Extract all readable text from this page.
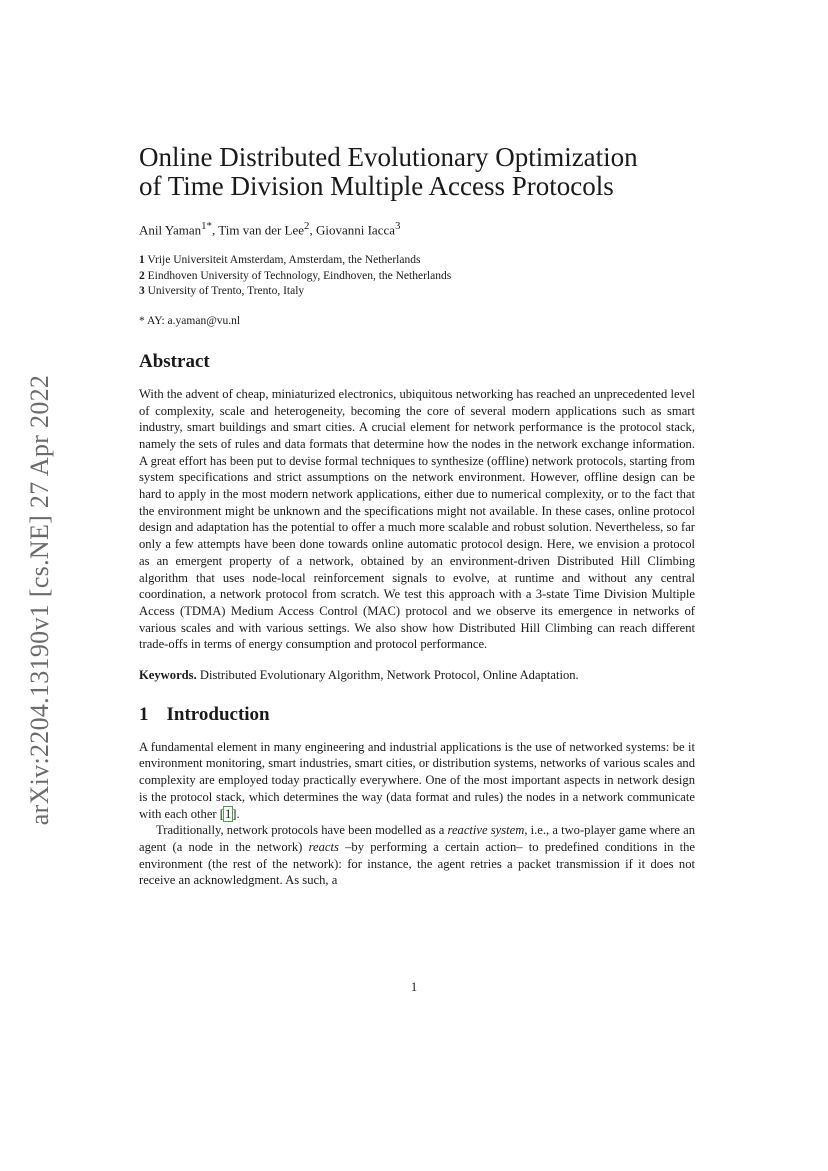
arXiv:2204.13190v1 [cs.NE] 27 Apr 2022
Online Distributed Evolutionary Optimization
of Time Division Multiple Access Protocols
Anil Yaman$^{1*}$, Tim van der Lee$^2$, Giovanni Iacca$^3$
1 Vrije Universiteit Amsterdam, Amsterdam, the Netherlands
2 Eindhoven University of Technology, Eindhoven, the Netherlands
3 University of Trento, Trento, Italy
* AY: a.yaman@vu.nl
Abstract

With the advent of cheap, miniaturized electronics, ubiquitous networking has reached an unprecedented level of complexity, scale and heterogeneity, becoming the core of several modern applications such as smart industry, smart buildings and smart cities. A crucial element for network performance is the protocol stack, namely the sets of rules and data formats that determine how the nodes in the network exchange information. A great effort has been put to devise formal techniques to synthesize (offline) network protocols, starting from system specifications and strict assumptions on the network environment. However, offline design can be hard to apply in the most modern network applications, either due to numerical complexity, or to the fact that the environment might be unknown and the specifications might not available. In these cases, online protocol design and adaptation has the potential to offer a much more scalable and robust solution. Nevertheless, so far only a few attempts have been done towards online automatic protocol design. Here, we envision a protocol as an emergent property of a network, obtained by an environment-driven Distributed Hill Climbing algorithm that uses node-local reinforcement signals to evolve, at runtime and without any central coordination, a network protocol from scratch. We test this approach with a 3-state Time Division Multiple Access (TDMA) Medium Access Control (MAC) protocol and we observe its emergence in networks of various scales and with various settings. We also show how Distributed Hill Climbing can reach different trade-offs in terms of energy consumption and protocol performance.

Keywords. Distributed Evolutionary Algorithm, Network Protocol, Online Adaptation.

1 Introduction

A fundamental element in many engineering and industrial applications is the use of networked systems: be it environment monitoring, smart industries, smart cities, or distribution systems, networks of various scales and complexity are employed today practically everywhere. One of the most important aspects in network design is the protocol stack, which determines the way (data format and rules) the nodes in a network communicate with each other [1].

Traditionally, network protocols have been modelled as a reactive system, i.e., a two-player game where an agent (a node in the network) reacts –by performing a certain action– to predefined conditions in the environment (the rest of the network): for instance, the agent retries a packet transmission if it does not receive an acknowledgment. As such, a

1
